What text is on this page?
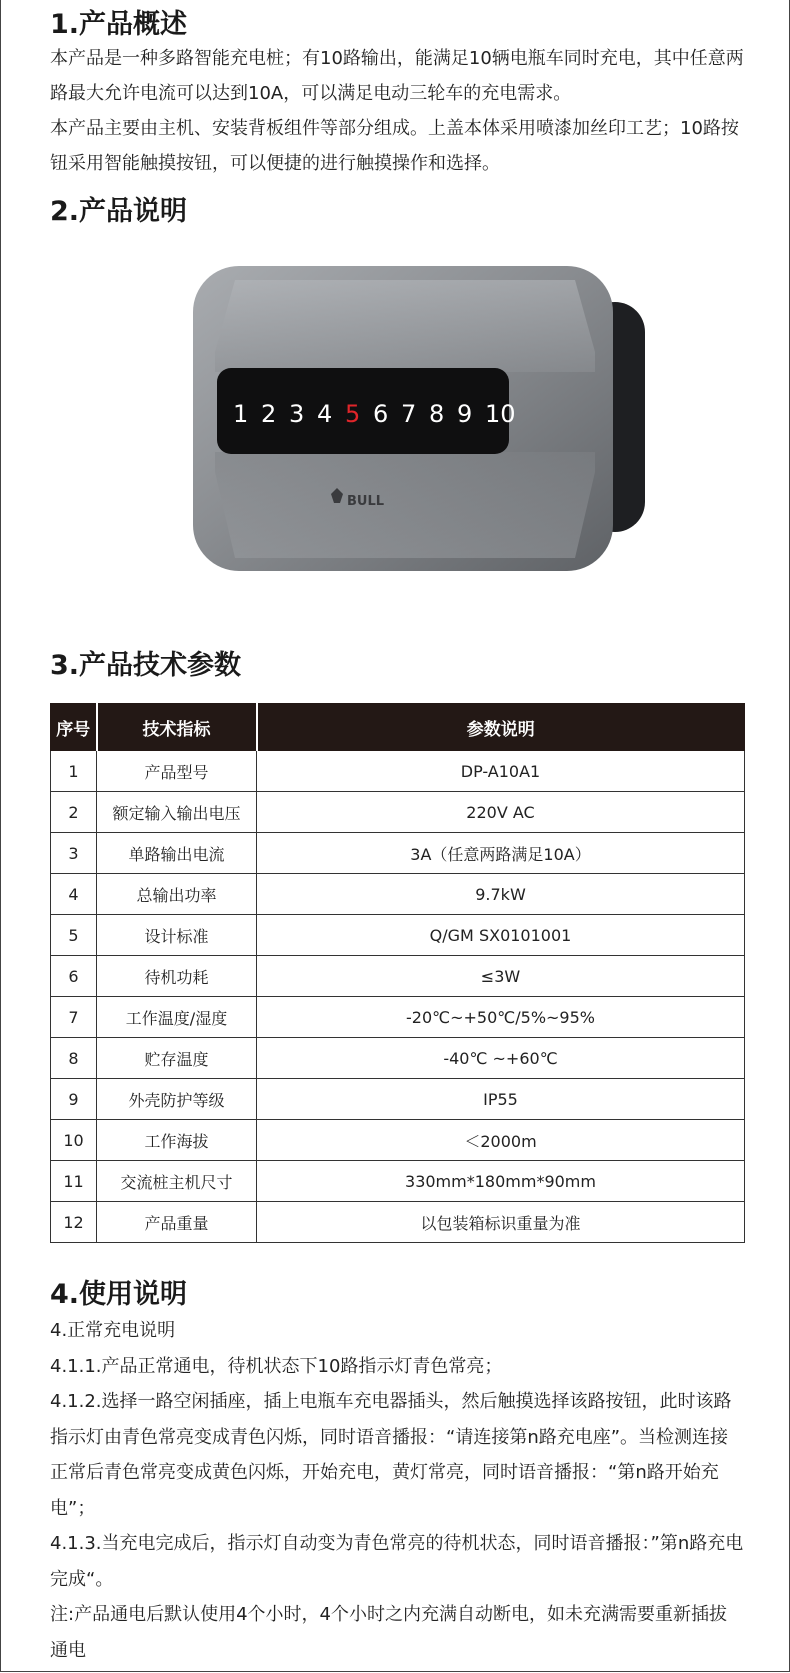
1.产品概述

本产品是一种多路智能充电桩；有10路输出，能满足10辆电瓶车同时充电，其中任意两路最大允许电流可以达到10A，可以满足电动三轮车的充电需求。

本产品主要由主机、安装背板组件等部分组成。上盖本体采用喷漆加丝印工艺；10路按钮采用智能触摸按钮，可以便捷的进行触摸操作和选择。

2.产品说明
1 2 3 4 5 6 7 8 9 10
BULL
3.产品技术参数
序号	技术指标	参数说明
1	产品型号	DP-A10A1
2	额定输入输出电压	220V AC
3	单路输出电流	3A（任意两路满足10A）
4	总输出功率	9.7kW
5	设计标准	Q/GM SX0101001
6	待机功耗	≤3W
7	工作温度/湿度	-20℃~+50℃/5%~95%
8	贮存温度	-40℃ ~+60℃
9	外壳防护等级	IP55
10	工作海拔	＜2000m
11	交流桩主机尺寸	330mm*180mm*90mm
12	产品重量	以包装箱标识重量为准
4.使用说明

4.正常充电说明

4.1.1.产品正常通电，待机状态下10路指示灯青色常亮；

4.1.2.选择一路空闲插座，插上电瓶车充电器插头，然后触摸选择该路按钮，此时该路指示灯由青色常亮变成青色闪烁，同时语音播报：“请连接第n路充电座”。当检测连接正常后青色常亮变成黄色闪烁，开始充电，黄灯常亮，同时语音播报：“第n路开始充电”；

4.1.3.当充电完成后，指示灯自动变为青色常亮的待机状态，同时语音播报：”第n路充电完成“。

注:产品通电后默认使用4个小时，4个小时之内充满自动断电，如未充满需要重新插拔通电
